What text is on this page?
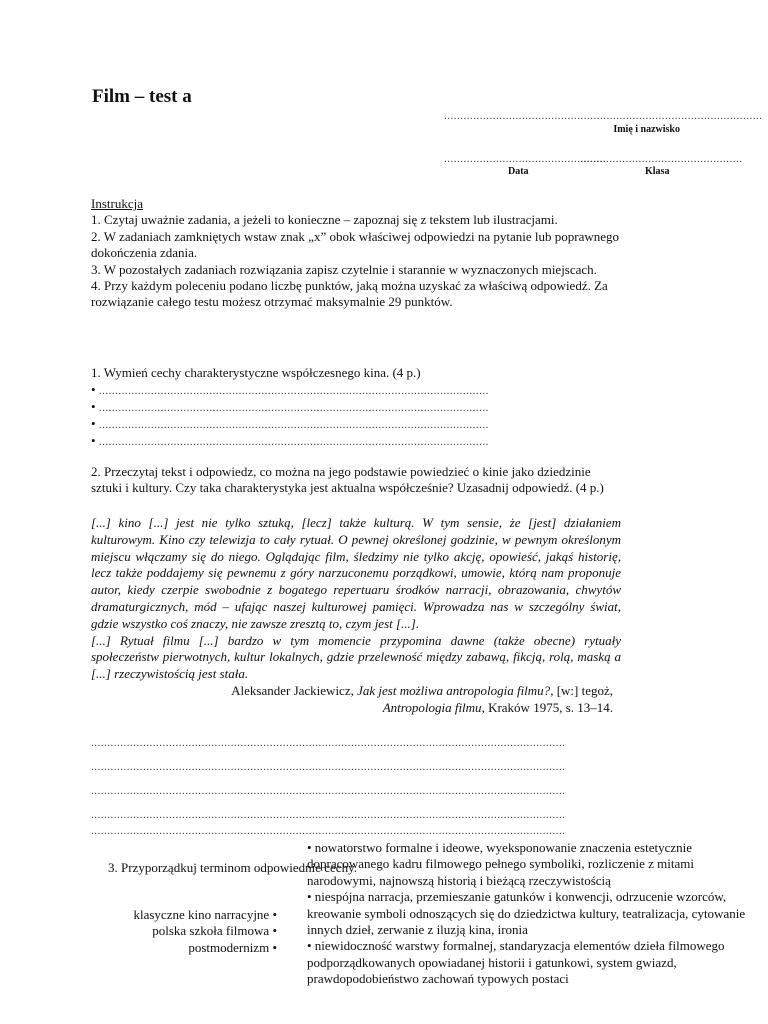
Film – test a
..................................................................................................
Imię i nazwisko
..................................................
..................................................
Data	Klasa
Instrukcja
1. Czytaj uważnie zadania, a jeżeli to konieczne – zapoznaj się z tekstem lub ilustracjami.
2. W zadaniach zamkniętych wstaw znak „x” obok właściwej odpowiedzi na pytanie lub poprawnego dokończenia zdania.
3. W pozostałych zadaniach rozwiązania zapisz czytelnie i starannie w wyznaczonych miejscach.
4. Przy każdym poleceniu podano liczbę punktów, jaką można uzyskać za właściwą odpowiedź. Za rozwiązanie całego testu możesz otrzymać maksymalnie 29 punktów.
1. Wymień cechy charakterystyczne współczesnego kina. (4 p.)
• ........................................................................................................................
• ........................................................................................................................
• ........................................................................................................................
• ........................................................................................................................
2. Przeczytaj tekst i odpowiedz, co można na jego podstawie powiedzieć o kinie jako dziedzinie sztuki i kultury. Czy taka charakterystyka jest aktualna współcześnie? Uzasadnij odpowiedź. (4 p.)
[...] kino [...] jest nie tylko sztuką, [lecz] także kulturą. W tym sensie, że [jest] działaniem kulturowym. Kino czy telewizja to cały rytuał. O pewnej określonej godzinie, w pewnym określonym miejscu włączamy się do niego. Oglądając film, śledzimy nie tylko akcję, opowieść, jakąś historię, lecz także poddajemy się pewnemu z góry narzuconemu porządkowi, umowie, którą nam proponuje autor, kiedy czerpie swobodnie z bogatego repertuaru środków narracji, obrazowania, chwytów dramaturgicznych, mód – ufając naszej kulturowej pamięci. Wprowadza nas w szczególny świat, gdzie wszystko coś znaczy, nie zawsze zresztą to, czym jest [...].
[...] Rytuał filmu [...] bardzo w tym momencie przypomina dawne (także obecne) rytuały społeczeństw pierwotnych, kultur lokalnych, gdzie przelewność między zabawą, fikcją, rolą, maską a [...] rzeczywistością jest stała.
Aleksander Jackiewicz, Jak jest możliwa antropologia filmu?, [w:] tegoż,
Antropologia filmu, Kraków 1975, s. 13–14.
..................................................................................................................................................
..................................................................................................................................................
..................................................................................................................................................
..................................................................................................................................................
..................................................................................................................................................
3. Przyporządkuj terminom odpowiednie cechy.
klasyczne kino narracyjne •
polska szkoła filmowa •
postmodernizm •
• nowatorstwo formalne i ideowe, wyeksponowanie znaczenia estetycznie dopracowanego kadru filmowego pełnego symboliki, rozliczenie z mitami narodowymi, najnowszą historią i bieżącą rzeczywistością
• niespójna narracja, przemieszanie gatunków i konwencji, odrzucenie wzorców, kreowanie symboli odnoszących się do dziedzictwa kultury, teatralizacja, cytowanie innych dzieł, zerwanie z iluzją kina, ironia
• niewidoczność warstwy formalnej, standaryzacja elementów dzieła filmowego podporządkowanych opowiadanej historii i gatunkowi, system gwiazd, prawdopodobieństwo zachowań typowych postaci
